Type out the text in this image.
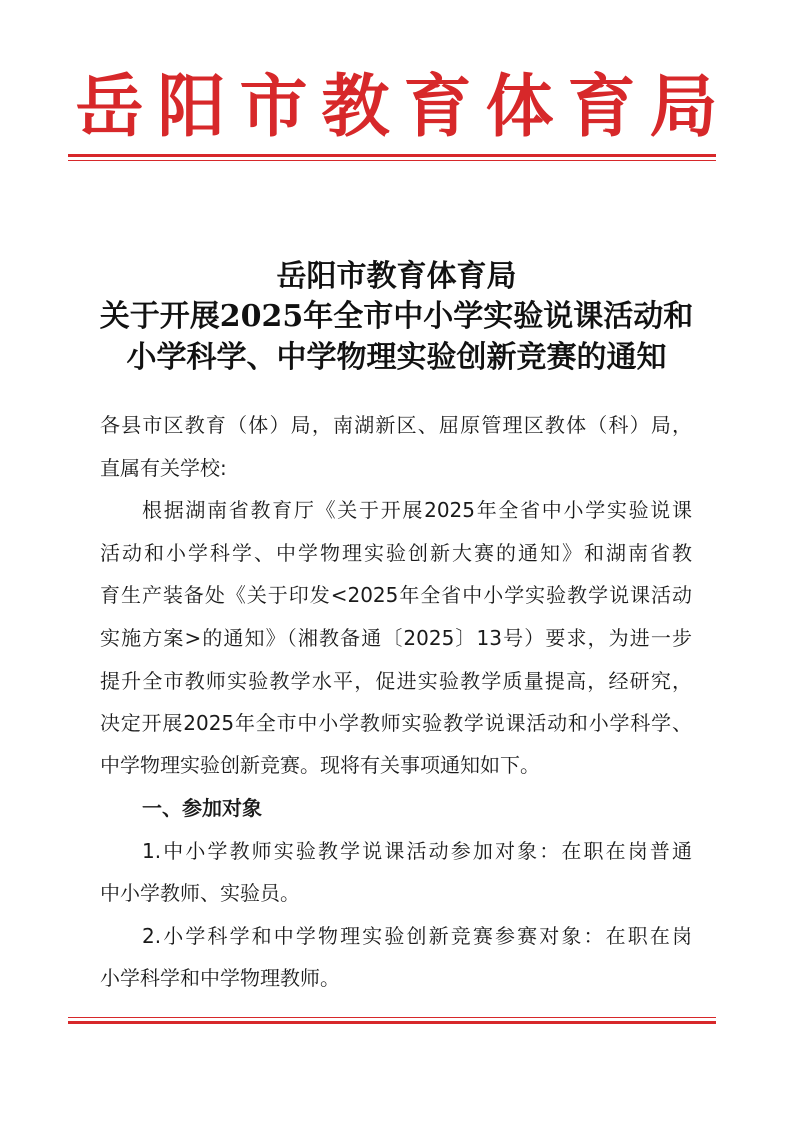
岳阳市教育体育局
岳阳市教育体育局
关于开展2025年全市中小学实验说课活动和
小学科学、中学物理实验创新竞赛的通知
各县市区教育（体）局，南湖新区、屈原管理区教体（科）局，
直属有关学校:
根据湖南省教育厅《关于开展2025年全省中小学实验说课
活动和小学科学、中学物理实验创新大赛的通知》和湖南省教
育生产装备处《关于印发<2025年全省中小学实验教学说课活动
实施方案>的通知》（湘教备通〔2025〕13号）要求，为进一步
提升全市教师实验教学水平，促进实验教学质量提高，经研究，
决定开展2025年全市中小学教师实验教学说课活动和小学科学、
中学物理实验创新竞赛。现将有关事项通知如下。
一、参加对象
1.中小学教师实验教学说课活动参加对象：在职在岗普通
中小学教师、实验员。
2.小学科学和中学物理实验创新竞赛参赛对象：在职在岗
小学科学和中学物理教师。
